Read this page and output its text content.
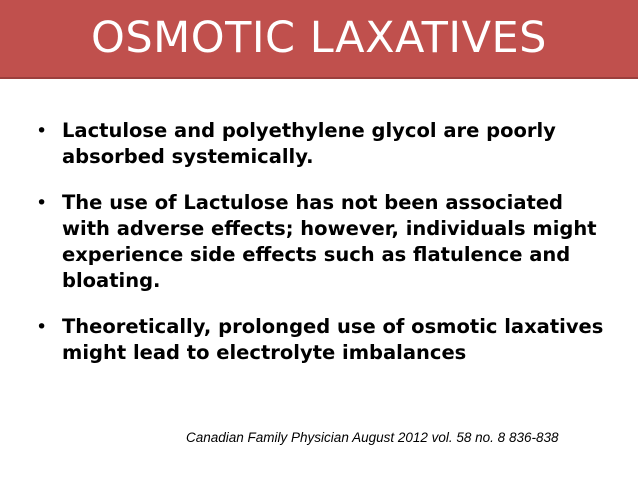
OSMOTIC LAXATIVES
• Lactulose and polyethylene glycol are poorly absorbed systemically.
• The use of Lactulose has not been associated with adverse effects; however, individuals might experience side effects such as flatulence and bloating.
• Theoretically, prolonged use of osmotic laxatives might lead to electrolyte imbalances
Canadian Family Physician August 2012 vol. 58 no. 8 836-838
